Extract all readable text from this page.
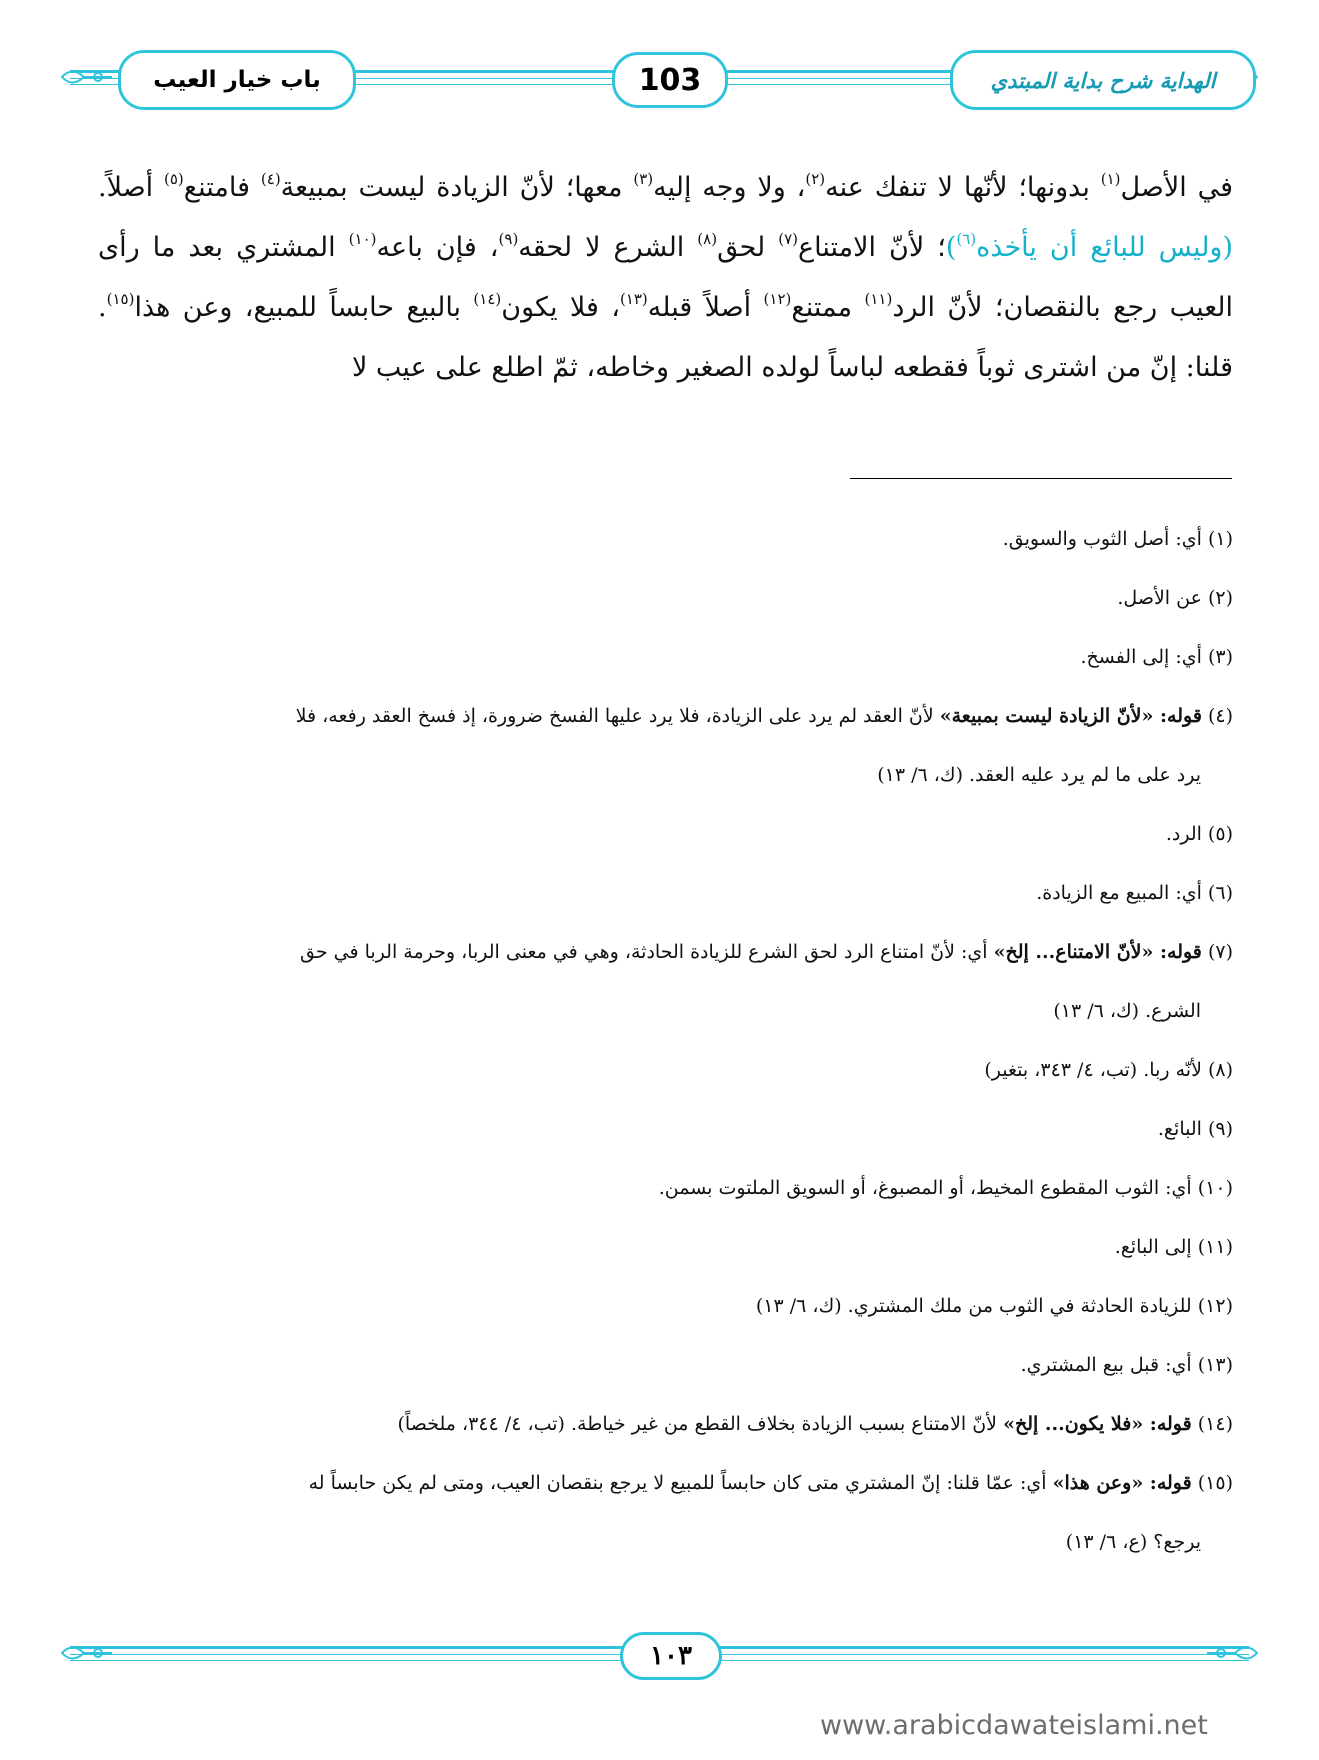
الهداية شرح بداية المبتدي
103
باب خيار العيب
في الأصل$^{(١)}$ بدونها؛ لأنّها لا تنفك عنه$^{(٢)}$، ولا وجه إليه$^{(٣)}$ معها؛ لأنّ الزيادة ليست بمبيعة$^{(٤)}$ فامتنع$^{(٥)}$ أصلاً. (وليس للبائع أن يأخذه$^{(٦)}$)؛ لأنّ الامتناع$^{(٧)}$ لحق$^{(٨)}$ الشرع لا لحقه$^{(٩)}$، فإن باعه$^{(١٠)}$ المشتري بعد ما رأى العيب رجع بالنقصان؛ لأنّ الرد$^{(١١)}$ ممتنع$^{(١٢)}$ أصلاً قبله$^{(١٣)}$، فلا يكون$^{(١٤)}$ بالبيع حابساً للمبيع، وعن هذا$^{(١٥)}$. قلنا: إنّ من اشترى ثوباً فقطعه لباساً لولده الصغير وخاطه، ثمّ اطلع على عيب لا
(١) أي: أصل الثوب والسويق.
(٢) عن الأصل.
(٣) أي: إلى الفسخ.
(٤) قوله: «لأنّ الزيادة ليست بمبيعة» لأنّ العقد لم يرد على الزيادة، فلا يرد عليها الفسخ ضرورة، إذ فسخ العقد رفعه، فلا
يرد على ما لم يرد عليه العقد. (ك، ٦/ ١٣)
(٥) الرد.
(٦) أي: المبيع مع الزيادة.
(٧) قوله: «لأنّ الامتناع... إلخ» أي: لأنّ امتناع الرد لحق الشرع للزيادة الحادثة، وهي في معنى الربا، وحرمة الربا في حق
الشرع. (ك، ٦/ ١٣)
(٨) لأنّه ربا. (تب، ٤/ ٣٤٣، بتغير)
(٩) البائع.
(١٠) أي: الثوب المقطوع المخيط، أو المصبوغ، أو السويق الملتوت بسمن.
(١١) إلى البائع.
(١٢) للزيادة الحادثة في الثوب من ملك المشتري. (ك، ٦/ ١٣)
(١٣) أي: قبل بيع المشتري.
(١٤) قوله: «فلا يكون... إلخ» لأنّ الامتناع بسبب الزيادة بخلاف القطع من غير خياطة. (تب، ٤/ ٣٤٤، ملخصاً)
(١٥) قوله: «وعن هذا» أي: عمّا قلنا: إنّ المشتري متى كان حابساً للمبيع لا يرجع بنقصان العيب، ومتى لم يكن حابساً له
يرجع؟ (ع، ٦/ ١٣)
١٠٣
www.arabicdawateislami.net
